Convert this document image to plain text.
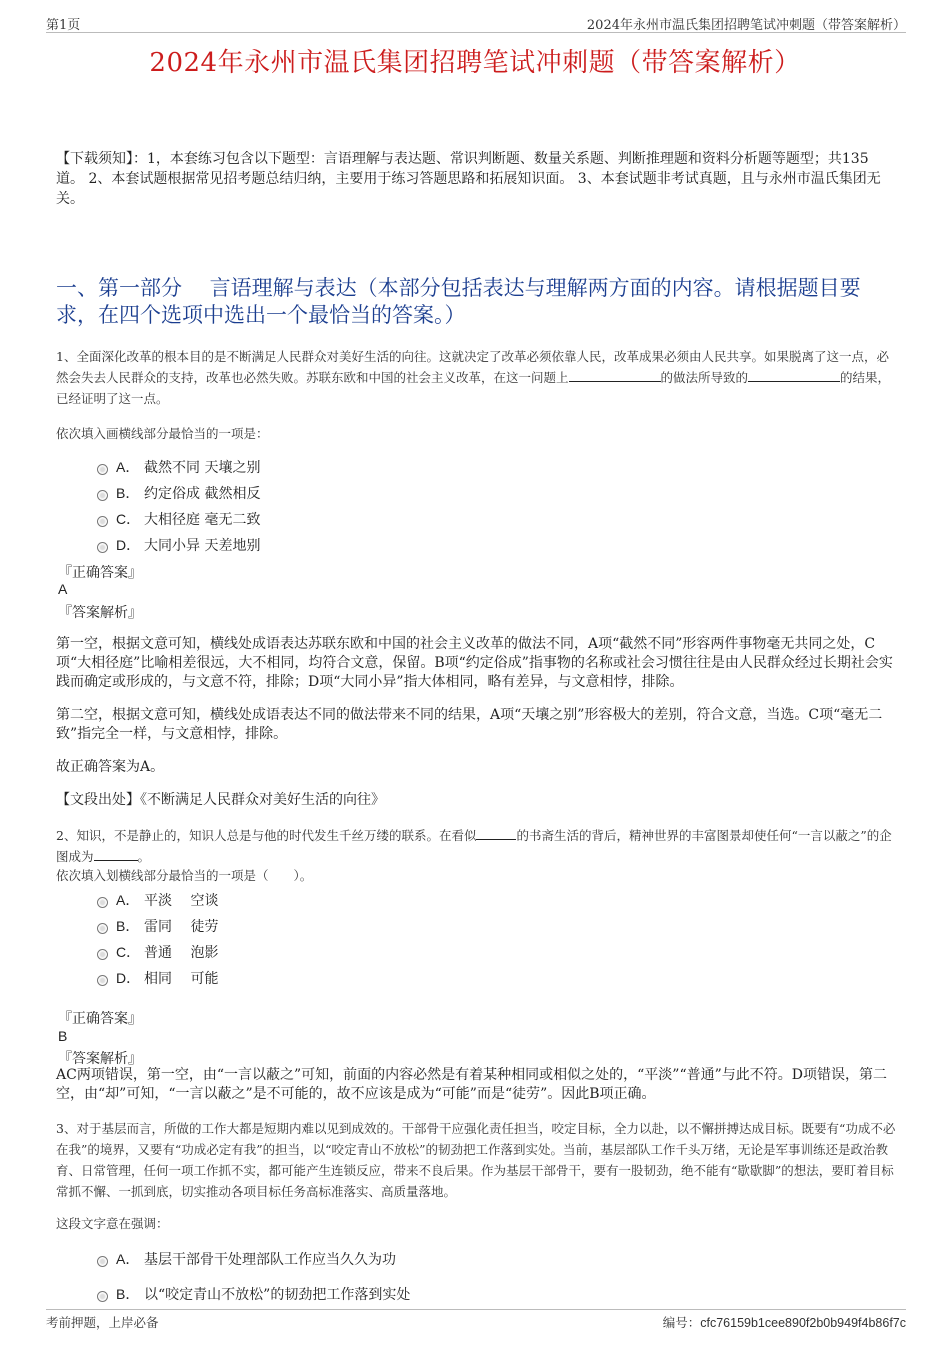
第1页	2024年永州市温氏集团招聘笔试冲刺题（带答案解析）
2024年永州市温氏集团招聘笔试冲刺题（带答案解析）
【下载须知】：1，本套练习包含以下题型：言语理解与表达题、常识判断题、数量关系题、判断推理题和资料分析题等题型；共135道。 2、本套试题根据常见招考题总结归纳，主要用于练习答题思路和拓展知识面。 3、本套试题非考试真题，且与永州市温氏集团无关。
一、第一部分　 言语理解与表达（本部分包括表达与理解两方面的内容。请根据题目要求，在四个选项中选出一个最恰当的答案。）
1、全面深化改革的根本目的是不断满足人民群众对美好生活的向往。这就决定了改革必须依靠人民，改革成果必须由人民共享。如果脱离了这一点，必然会失去人民群众的支持，改革也必然失败。苏联东欧和中国的社会主义改革，在这一问题上	的做法所导致的	的结果，已经证明了这一点。
依次填入画横线部分最恰当的一项是：
A． 截然不同 天壤之别
B． 约定俗成 截然相反
C． 大相径庭 毫无二致
D． 大同小异 天差地别
『正确答案』
A
『答案解析』
第一空，根据文意可知，横线处成语表达苏联东欧和中国的社会主义改革的做法不同，A项“截然不同”形容两件事物毫无共同之处，C项“大相径庭”比喻相差很远，大不相同，均符合文意，保留。B项“约定俗成”指事物的名称或社会习惯往往是由人民群众经过长期社会实践而确定或形成的，与文意不符，排除；D项“大同小异”指大体相同，略有差异，与文意相悖，排除。
第二空，根据文意可知，横线处成语表达不同的做法带来不同的结果，A项“天壤之别”形容极大的差别，符合文意，当选。C项“毫无二致”指完全一样，与文意相悖，排除。
故正确答案为A。
【文段出处】《不断满足人民群众对美好生活的向往》
2、知识，不是静止的，知识人总是与他的时代发生千丝万缕的联系。在看似	的书斋生活的背后，精神世界的丰富图景却使任何“一言以蔽之”的企图成为	。
依次填入划横线部分最恰当的一项是（　　）。
A． 平淡　 空谈
B． 雷同　 徒劳
C． 普通　 泡影
D． 相同　 可能
『正确答案』
B
『答案解析』
AC两项错误，第一空，由“一言以蔽之”可知，前面的内容必然是有着某种相同或相似之处的，“平淡”“普通”与此不符。D项错误，第二空，由“却”可知，“一言以蔽之”是不可能的，故不应该是成为“可能”而是“徒劳”。因此B项正确。
3、对于基层而言，所做的工作大都是短期内难以见到成效的。干部骨干应强化责任担当，咬定目标，全力以赴，以不懈拼搏达成目标。既要有“功成不必在我”的境界，又要有“功成必定有我”的担当，以“咬定青山不放松”的韧劲把工作落到实处。当前，基层部队工作千头万绪，无论是军事训练还是政治教育、日常管理，任何一项工作抓不实，都可能产生连锁反应，带来不良后果。作为基层干部骨干，要有一股韧劲，绝不能有“歇歇脚”的想法，要盯着目标常抓不懈、一抓到底，切实推动各项目标任务高标准落实、高质量落地。
这段文字意在强调：
A． 基层干部骨干处理部队工作应当久久为功
B． 以“咬定青山不放松”的韧劲把工作落到实处
考前押题，上岸必备	编号：cfc76159b1cee890f2b0b949f4b86f7c
